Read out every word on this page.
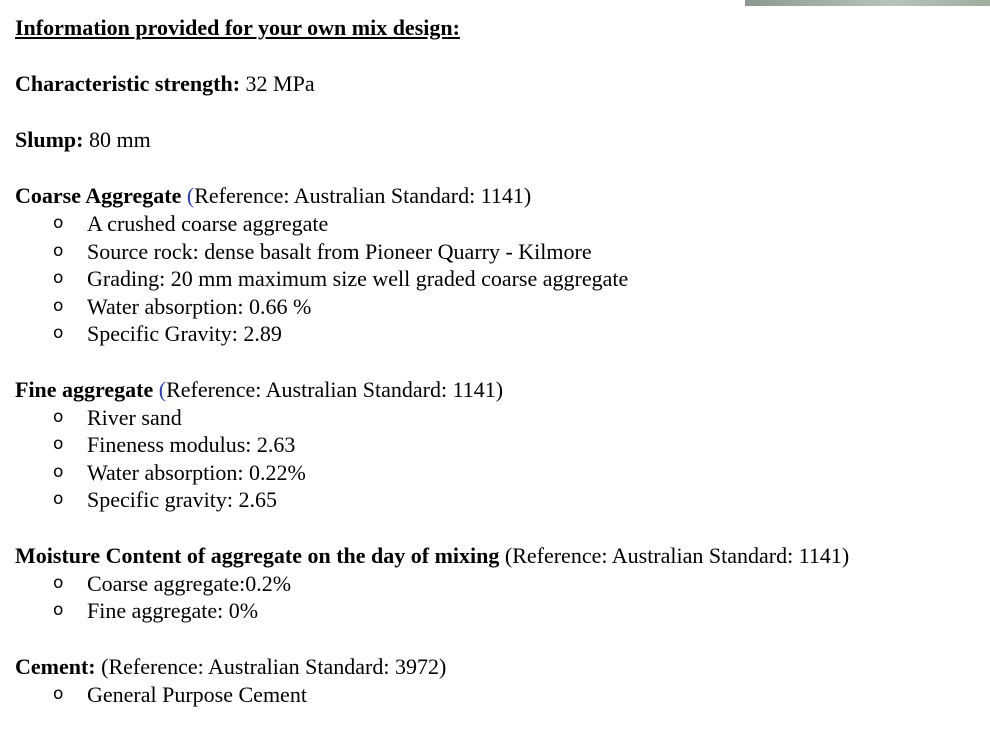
Information provided for your own mix design:

Characteristic strength: 32 MPa

Slump: 80 mm

Coarse Aggregate (Reference: Australian Standard: 1141)

o A crushed coarse aggregate
o Source rock: dense basalt from Pioneer Quarry - Kilmore
o Grading: 20 mm maximum size well graded coarse aggregate
o Water absorption: 0.66 %
o Specific Gravity: 2.89

Fine aggregate (Reference: Australian Standard: 1141)

o River sand
o Fineness modulus: 2.63
o Water absorption: 0.22%
o Specific gravity: 2.65

Moisture Content of aggregate on the day of mixing (Reference: Australian Standard: 1141)

o Coarse aggregate:0.2%
o Fine aggregate: 0%

Cement: (Reference: Australian Standard: 3972)

o General Purpose Cement
